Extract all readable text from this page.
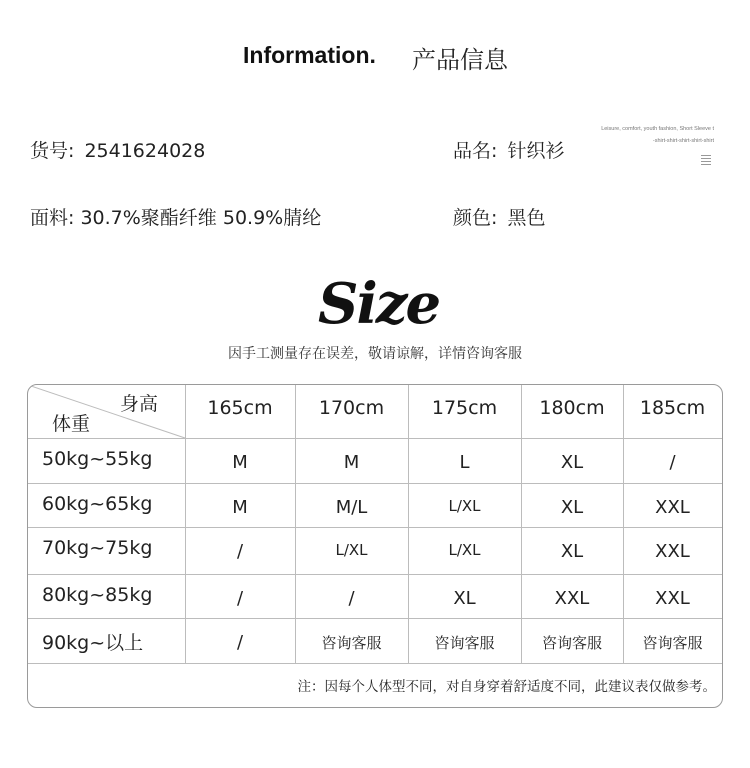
Information. 产品信息
Leisure, comfort, youth fashion, Short Sleeve t
-shirt-shirt-shirt-shirt-shirt
货号: 2541624028	品名: 针织衫
面料: 30.7%聚酯纤维 50.9%腈纶	颜色: 黑色
Size
因手工测量存在误差，敬请谅解，详情咨询客服
身高
体重
165cm	170cm	175cm	180cm	185cm
50kg~55kg	M	M	L	XL	/
60kg~65kg	M	M/L	L/XL	XL	XXL
70kg~75kg	/	L/XL	L/XL	XL	XXL
80kg~85kg	/	/	XL	XXL	XXL
90kg~以上	/	咨询客服	咨询客服	咨询客服	咨询客服
注：因每个人体型不同，对自身穿着舒适度不同，此建议表仅做参考。
